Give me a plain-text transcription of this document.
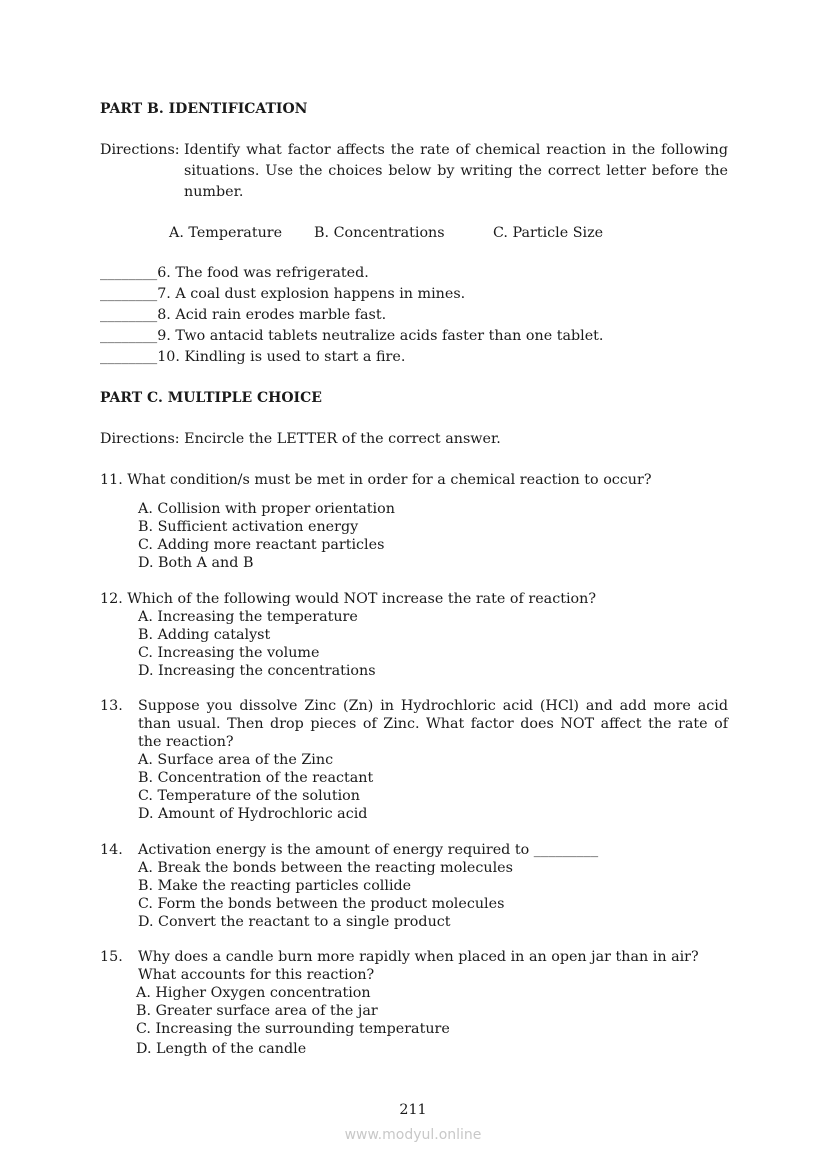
PART B. IDENTIFICATION
Directions: Identify what factor affects the rate of chemical reaction in the following
situations. Use the choices below by writing the correct letter before the
number.
A. Temperature B. Concentrations	C. Particle Size
________6. The food was refrigerated.
________7. A coal dust explosion happens in mines.
________8. Acid rain erodes marble fast.
________9. Two antacid tablets neutralize acids faster than one tablet.
________10. Kindling is used to start a fire.
PART C. MULTIPLE CHOICE
Directions: Encircle the LETTER of the correct answer.
11. What condition/s must be met in order for a chemical reaction to occur?
A. Collision with proper orientation
B. Sufficient activation energy
C. Adding more reactant particles
D. Both A and B
12. Which of the following would NOT increase the rate of reaction?
A. Increasing the temperature
B. Adding catalyst
C. Increasing the volume
D. Increasing the concentrations
13. Suppose you dissolve Zinc (Zn) in Hydrochloric acid (HCl) and add more acid
than usual. Then drop pieces of Zinc. What factor does NOT affect the rate of
the reaction?
A. Surface area of the Zinc
B. Concentration of the reactant
C. Temperature of the solution
D. Amount of Hydrochloric acid
14. Activation energy is the amount of energy required to _________
A. Break the bonds between the reacting molecules
B. Make the reacting particles collide
C. Form the bonds between the product molecules
D. Convert the reactant to a single product
15. Why does a candle burn more rapidly when placed in an open jar than in air?
What accounts for this reaction?
A. Higher Oxygen concentration
B. Greater surface area of the jar
C. Increasing the surrounding temperature
D. Length of the candle
211
www.modyul.online
